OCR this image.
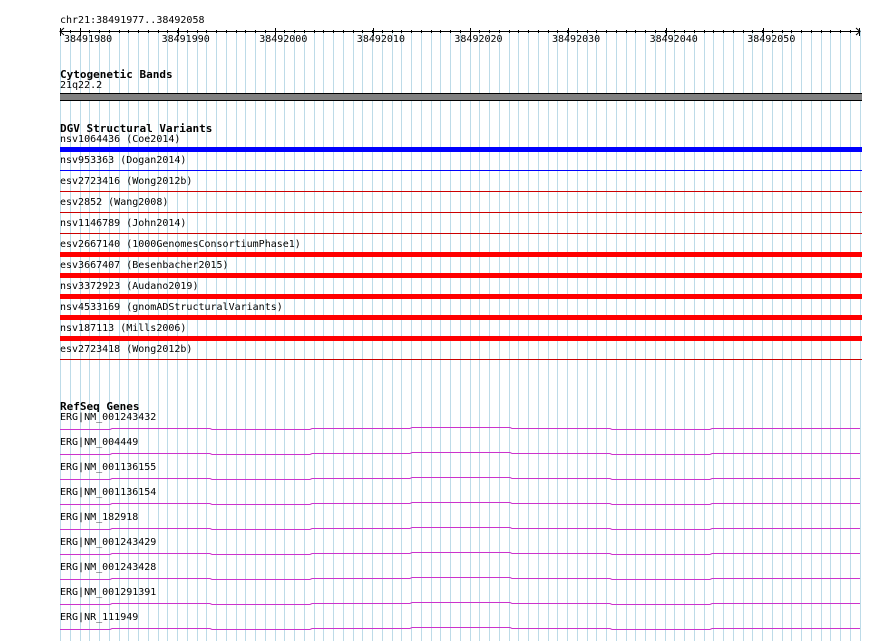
chr21:38491977..38492058
38491980	38491990	38492000	38492010	38492020	38492030	38492040	38492050
Cytogenetic Bands
21q22.2
DGV Structural Variants
nsv1064436 (Coe2014)
nsv953363 (Dogan2014)
esv2723416 (Wong2012b)
esv2852 (Wang2008)
nsv1146789 (John2014)
esv2667140 (1000GenomesConsortiumPhase1)
esv3667407 (Besenbacher2015)
nsv3372923 (Audano2019)
nsv4533169 (gnomADStructuralVariants)
nsv187113 (Mills2006)
esv2723418 (Wong2012b)
RefSeq Genes
ERG|NM_001243432
ERG|NM_004449
ERG|NM_001136155
ERG|NM_001136154
ERG|NM_182918
ERG|NM_001243429
ERG|NM_001243428
ERG|NM_001291391
ERG|NR_111949
